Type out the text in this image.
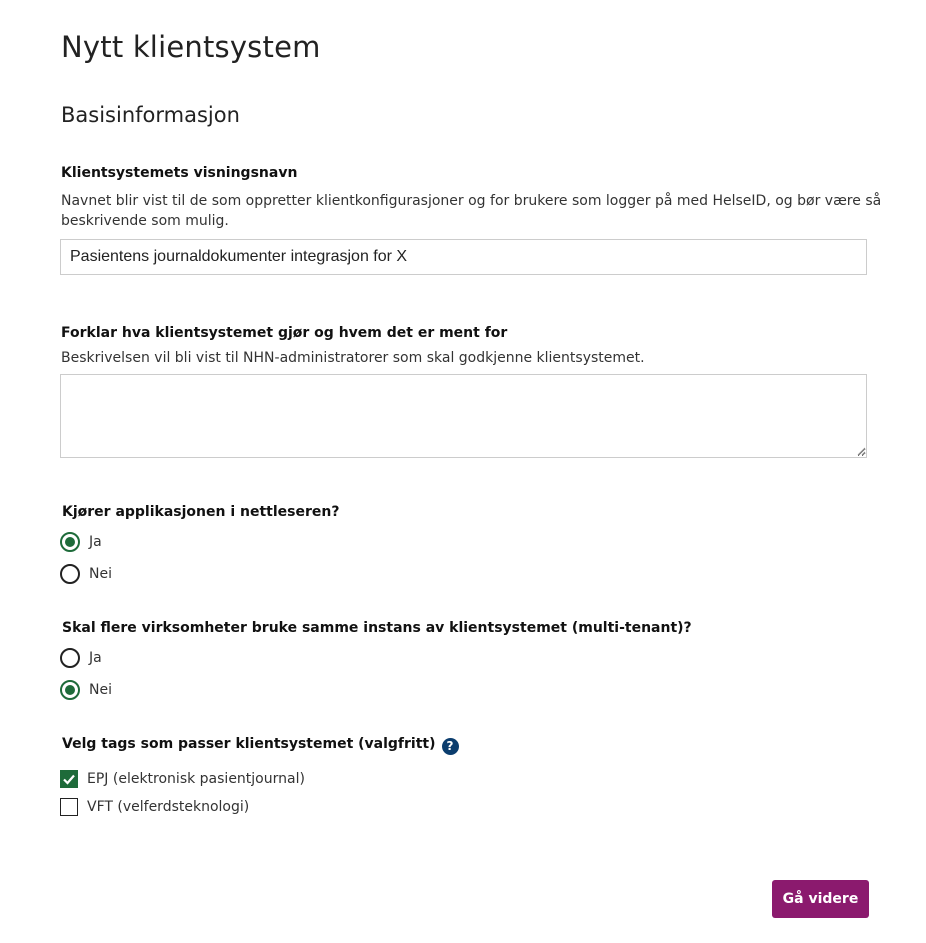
Nytt klientsystem
Basisinformasjon
Klientsystemets visningsnavn
Navnet blir vist til de som oppretter klientkonfigurasjoner og for brukere som logger på med HelseID, og bør være så
beskrivende som mulig.
Pasientens journaldokumenter integrasjon for X
Forklar hva klientsystemet gjør og hvem det er ment for
Beskrivelsen vil bli vist til NHN-administratorer som skal godkjenne klientsystemet.
Kjører applikasjonen i nettleseren?
Ja
Nei
Skal flere virksomheter bruke samme instans av klientsystemet (multi-tenant)?
Ja
Nei
Velg tags som passer klientsystemet (valgfritt) ?
EPJ (elektronisk pasientjournal)
VFT (velferdsteknologi)
Gå videre
